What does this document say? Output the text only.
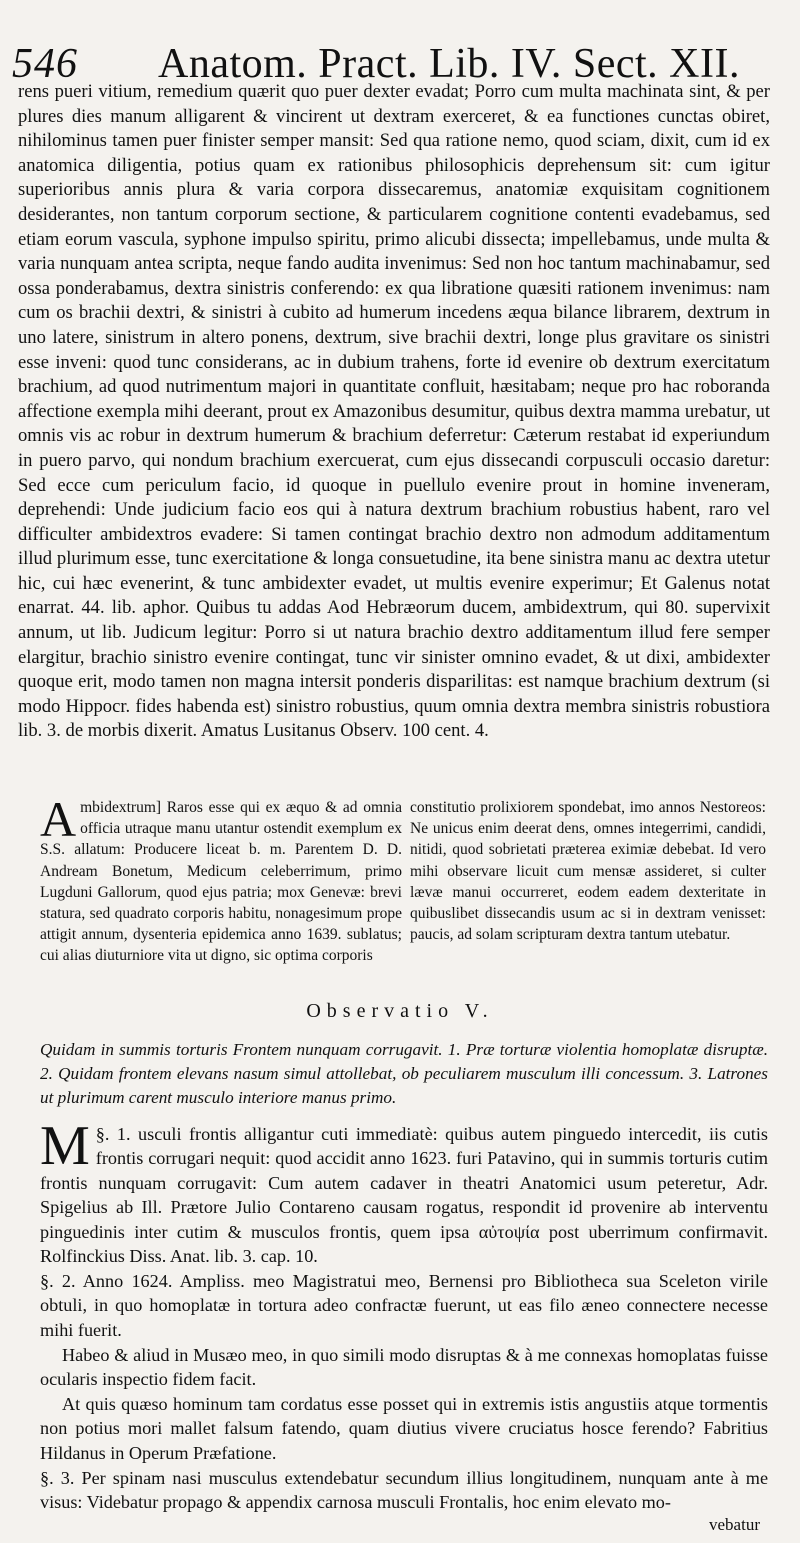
546 Anatom. Pract. Lib. IV. Sect. XII.

rens pueri vitium, remedium quærit quo puer dexter evadat; Porro cum multa machinata sint, & per plures dies manum alligarent & vincirent ut dextram exerceret, & ea functiones cunctas obiret, nihilominus tamen puer finister semper mansit: Sed qua ratione nemo, quod sciam, dixit, cum id ex anatomica diligentia, potius quam ex rationibus philosophicis deprehensum sit: cum igitur superioribus annis plura & varia corpora dissecaremus, anatomiæ exquisitam cognitionem desiderantes, non tantum corporum sectione, & particularem cognitione contenti evadebamus, sed etiam eorum vascula, syphone impulso spiritu, primo alicubi dissecta; impellebamus, unde multa & varia nunquam antea scripta, neque fando audita invenimus: Sed non hoc tantum machinabamur, sed ossa ponderabamus, dextra sinistris conferendo: ex qua libratione quæsiti rationem invenimus: nam cum os brachii dextri, & sinistri à cubito ad humerum incedens æqua bilance librarem, dextrum in uno latere, sinistrum in altero ponens, dextrum, sive brachii dextri, longe plus gravitare os sinistri esse inveni: quod tunc considerans, ac in dubium trahens, forte id evenire ob dextrum exercitatum brachium, ad quod nutrimentum majori in quantitate confluit, hæsitabam; neque pro hac roboranda affectione exempla mihi deerant, prout ex Amazonibus desumitur, quibus dextra mamma urebatur, ut omnis vis ac robur in dextrum humerum & brachium deferretur: Cæterum restabat id experiundum in puero parvo, qui nondum brachium exercuerat, cum ejus dissecandi corpusculi occasio daretur: Sed ecce cum periculum facio, id quoque in puellulo evenire prout in homine inveneram, deprehendi: Unde judicium facio eos qui à natura dextrum brachium robustius habent, raro vel difficulter ambidextros evadere: Si tamen contingat brachio dextro non admodum additamentum illud plurimum esse, tunc exercitatione & longa consuetudine, ita bene sinistra manu ac dextra utetur hic, cui hæc evenerint, & tunc ambidexter evadet, ut multis evenire experimur; Et Galenus notat enarrat. 44. lib. aphor. Quibus tu addas Aod Hebræorum ducem, ambidextrum, qui 80. supervixit annum, ut lib. Judicum legitur: Porro si ut natura brachio dextro additamentum illud fere semper elargitur, brachio sinistro evenire contingat, tunc vir sinister omnino evadet, & ut dixi, ambidexter quoque erit, modo tamen non magna intersit ponderis disparilitas: est namque brachium dextrum (si modo Hippocr. fides habenda est) sinistro robustius, quum omnia dextra membra sinistris robustiora lib. 3. de morbis dixerit. Amatus Lusitanus Observ. 100 cent. 4.

A mbidextrum] Raros esse qui ex æquo & ad omnia officia utraque manu utantur ostendit exemplum ex S.S. allatum: Producere liceat b. m. Parentem D. D. Andream Bonetum, Medicum celeberrimum, primo Lugduni Gallorum, quod ejus patria; mox Genevæ: brevi statura, sed quadrato corporis habitu, nonagesimum prope attigit annum, dysenteria epidemica anno 1639. sublatus; cui alias diuturniore vita ut digno, sic optima corporis
constitutio prolixiorem spondebat, imo annos Nestoreos: Ne unicus enim deerat dens, omnes integerrimi, candidi, nitidi, quod sobrietati præterea eximiæ debebat. Id vero mihi observare licuit cum mensæ assideret, si culter lævæ manui occurreret, eodem eadem dexteritate in quibuslibet dissecandis usum ac si in dextram venisset: paucis, ad solam scripturam dextra tantum utebatur.
Observatio V.
Quidam in summis torturis Frontem nunquam corrugavit. 1. Præ torturæ violentia homoplatæ disruptæ. 2. Quidam frontem elevans nasum simul attollebat, ob peculiarem musculum illi concessum. 3. Latrones ut plurimum carent musculo interiore manus primo.
§. 1.
M	usculi frontis alligantur cuti immediatè: quibus autem pinguedo intercedit, iis cutis frontis corrugari nequit: quod accidit anno 1623. furi Patavino, qui in summis torturis cutim frontis nunquam corrugavit: Cum autem cadaver in theatri Anatomici usum peteretur, Adr. Spigelius ab Ill. Prætore Julio Contareno causam rogatus, respondit id provenire ab interventu pinguedinis inter cutim & musculos frontis, quem ipsa αὐτοψία post uberrimum confirmavit. Rolfinckius Diss. Anat. lib. 3. cap. 10.
§. 2. Anno 1624. Ampliss. meo Magistratui meo, Bernensi pro Bibliotheca sua Sceleton virile obtuli, in quo homoplatæ in tortura adeo confractæ fuerunt, ut eas filo æneo connectere necesse mihi fuerit.
Habeo & aliud in Musæo meo, in quo simili modo disruptas & à me connexas homoplatas fuisse ocularis inspectio fidem facit.
At quis quæso hominum tam cordatus esse posset qui in extremis istis angustiis atque tormentis non potius mori mallet falsum fatendo, quam diutius vivere cruciatus hosce ferendo? Fabritius Hildanus in Operum Præfatione.
§. 3. Per spinam nasi musculus extendebatur secundum illius longitudinem, nunquam ante à me visus: Videbatur propago & appendix carnosa musculi Frontalis, hoc enim elevato mo-
vebatur
